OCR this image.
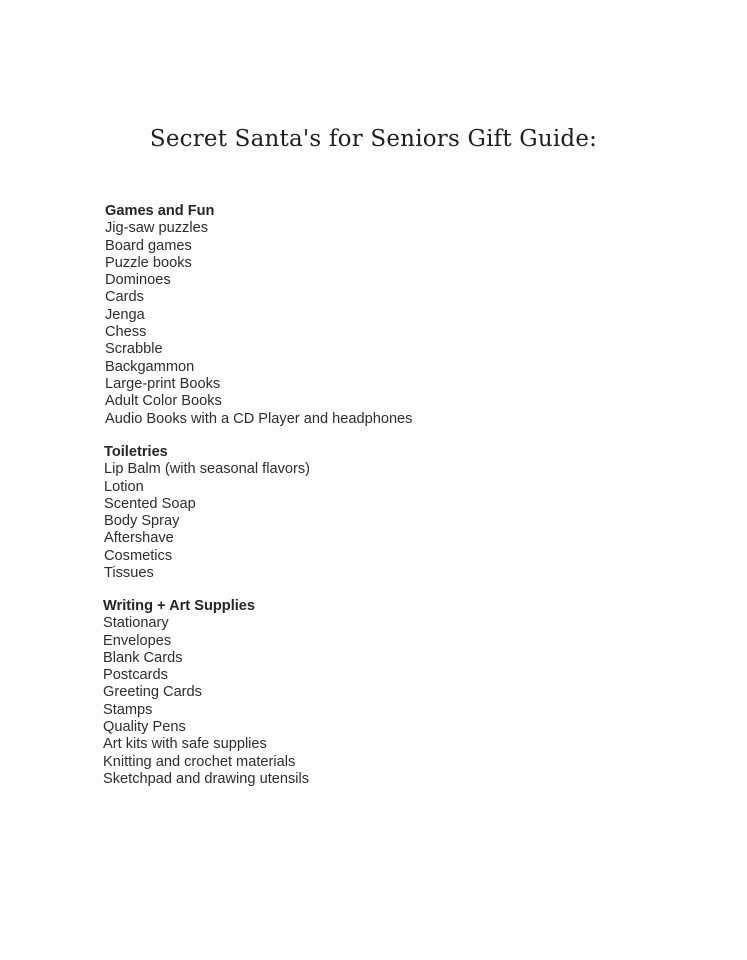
Secret Santa's for Seniors Gift Guide:
Games and Fun
Jig-saw puzzles
Board games
Puzzle books
Dominoes
Cards
Jenga
Chess
Scrabble
Backgammon
Large-print Books
Adult Color Books
Audio Books with a CD Player and headphones
Toiletries
Lip Balm (with seasonal flavors)
Lotion
Scented Soap
Body Spray
Aftershave
Cosmetics
Tissues
Writing + Art Supplies
Stationary
Envelopes
Blank Cards
Postcards
Greeting Cards
Stamps
Quality Pens
Art kits with safe supplies
Knitting and crochet materials
Sketchpad and drawing utensils
